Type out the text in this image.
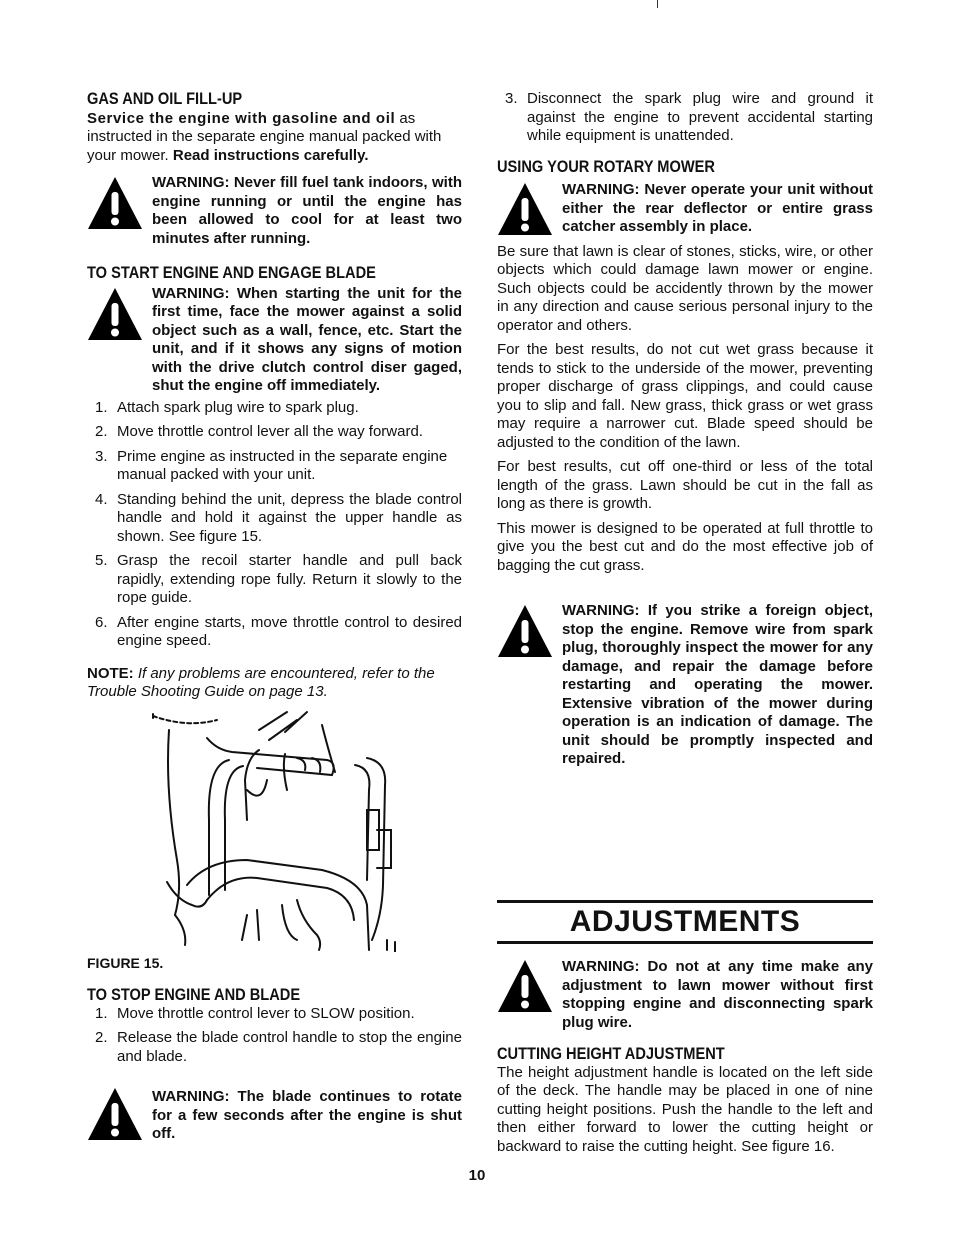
GAS AND OIL FILL-UP

Service the engine with gasoline and oil as instructed in the separate engine manual packed with your mower. Read instructions carefully.

WARNING: Never fill fuel tank indoors, with engine running or until the engine has been allowed to cool for at least two minutes after running.
TO START ENGINE AND ENGAGE BLADE
WARNING: When starting the unit for the first time, face the mower against a solid object such as a wall, fence, etc. Start the unit, and if it shows any signs of motion with the drive clutch control diser gaged, shut the engine off immediately.
1. Attach spark plug wire to spark plug.
2. Move throttle control lever all the way forward.
3. Prime engine as instructed in the separate engine manual packed with your unit.
4. Standing behind the unit, depress the blade control handle and hold it against the upper handle as shown. See figure 15.
5. Grasp the recoil starter handle and pull back rapidly, extending rope fully. Return it slowly to the rope guide.
6. After engine starts, move throttle control to desired engine speed.

NOTE: If any problems are encountered, refer to the Trouble Shooting Guide on page 13.

FIGURE 15.

TO STOP ENGINE AND BLADE
1. Move throttle control lever to SLOW position.
2. Release the blade control handle to stop the engine and blade.
WARNING: The blade continues to rotate for a few seconds after the engine is shut off.
3. Disconnect the spark plug wire and ground it against the engine to prevent accidental starting while equipment is unattended.
USING YOUR ROTARY MOWER
WARNING: Never operate your unit without either the rear deflector or entire grass catcher assembly in place.

Be sure that lawn is clear of stones, sticks, wire, or other objects which could damage lawn mower or engine. Such objects could be accidently thrown by the mower in any direction and cause serious personal injury to the operator and others.

For the best results, do not cut wet grass because it tends to stick to the underside of the mower, preventing proper discharge of grass clippings, and could cause you to slip and fall. New grass, thick grass or wet grass may require a narrower cut. Blade speed should be adjusted to the condition of the lawn.

For best results, cut off one-third or less of the total length of the grass. Lawn should be cut in the fall as long as there is growth.

This mower is designed to be operated at full throttle to give you the best cut and do the most effective job of bagging the cut grass.

WARNING: If you strike a foreign object, stop the engine. Remove wire from spark plug, thoroughly inspect the mower for any damage, and repair the damage before restarting and operating the mower. Extensive vibration of the mower during operation is an indication of damage. The unit should be promptly inspected and repaired.
ADJUSTMENTS
WARNING: Do not at any time make any adjustment to lawn mower without first stopping engine and disconnecting spark plug wire.
CUTTING HEIGHT ADJUSTMENT

The height adjustment handle is located on the left side of the deck. The handle may be placed in one of nine cutting height positions. Push the handle to the left and then either forward to lower the cutting height or backward to raise the cutting height. See figure 16.

10
